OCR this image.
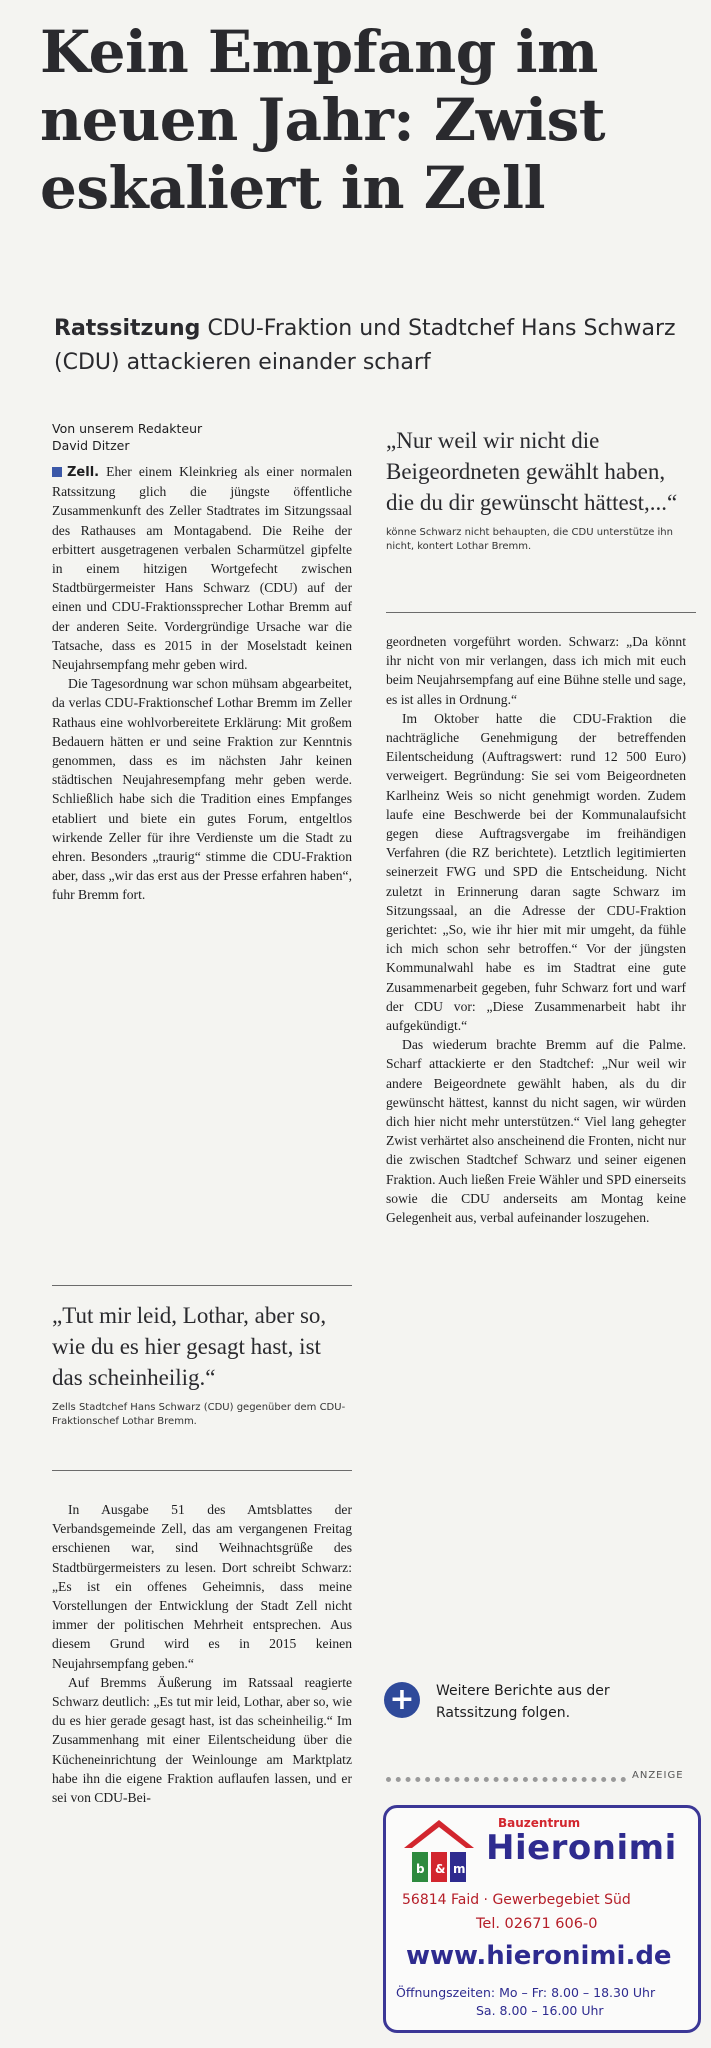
Kein Empfang im neuen Jahr: Zwist eskaliert in Zell
Ratssitzung CDU-Fraktion und Stadtchef Hans Schwarz (CDU) attackieren einander scharf
Von unserem Redakteur
David Ditzer

Zell. Eher einem Kleinkrieg als einer normalen Ratssitzung glich die jüngste öffentliche Zusammenkunft des Zeller Stadtrates im Sitzungssaal des Rathauses am Montagabend. Die Reihe der erbittert ausgetragenen verbalen Scharmützel gipfelte in einem hitzigen Wortgefecht zwischen Stadtbürgermeister Hans Schwarz (CDU) auf der einen und CDU-Fraktionssprecher Lothar Bremm auf der anderen Seite. Vordergründige Ursache war die Tatsache, dass es 2015 in der Moselstadt keinen Neujahrsempfang mehr geben wird.

Die Tagesordnung war schon mühsam abgearbeitet, da verlas CDU-Fraktionschef Lothar Bremm im Zeller Rathaus eine wohlvorbereitete Erklärung: Mit großem Bedauern hätten er und seine Fraktion zur Kenntnis genommen, dass es im nächsten Jahr keinen städtischen Neujahresempfang mehr geben werde. Schließlich habe sich die Tradition eines Empfanges etabliert und biete ein gutes Forum, entgeltlos wirkende Zeller für ihre Verdienste um die Stadt zu ehren. Besonders „traurig“ stimme die CDU-Fraktion aber, dass „wir das erst aus der Presse erfahren haben“, fuhr Bremm fort.

„Nur weil wir nicht die Beigeordneten gewählt haben, die du dir gewünscht hättest,...“
könne Schwarz nicht behaupten, die CDU unterstütze ihn nicht, kontert Lothar Bremm.

geordneten vorgeführt worden. Schwarz: „Da könnt ihr nicht von mir verlangen, dass ich mich mit euch beim Neujahrsempfang auf eine Bühne stelle und sage, es ist alles in Ordnung.“

Im Oktober hatte die CDU-Fraktion die nachträgliche Genehmigung der betreffenden Eilentscheidung (Auftragswert: rund 12 500 Euro) verweigert. Begründung: Sie sei vom Beigeordneten Karlheinz Weis so nicht genehmigt worden. Zudem laufe eine Beschwerde bei der Kommunalaufsicht gegen diese Auftragsvergabe im freihändigen Verfahren (die RZ berichtete). Letztlich legitimierten seinerzeit FWG und SPD die Entscheidung. Nicht zuletzt in Erinnerung daran sagte Schwarz im Sitzungssaal, an die Adresse der CDU-Fraktion gerichtet: „So, wie ihr hier mit mir umgeht, da fühle ich mich schon sehr betroffen.“ Vor der jüngsten Kommunalwahl habe es im Stadtrat eine gute Zusammenarbeit gegeben, fuhr Schwarz fort und warf der CDU vor: „Diese Zusammenarbeit habt ihr aufgekündigt.“

Das wiederum brachte Bremm auf die Palme. Scharf attackierte er den Stadtchef: „Nur weil wir andere Beigeordnete gewählt haben, als du dir gewünscht hättest, kannst du nicht sagen, wir würden dich hier nicht mehr unterstützen.“ Viel lang gehegter Zwist verhärtet also anscheinend die Fronten, nicht nur die zwischen Stadtchef Schwarz und seiner eigenen Fraktion. Auch ließen Freie Wähler und SPD einerseits sowie die CDU anderseits am Montag keine Gelegenheit aus, verbal aufeinander loszugehen.

„Tut mir leid, Lothar, aber so, wie du es hier gesagt hast, ist das scheinheilig.“
Zells Stadtchef Hans Schwarz (CDU) gegenüber dem CDU-Fraktionschef Lothar Bremm.

In Ausgabe 51 des Amtsblattes der Verbandsgemeinde Zell, das am vergangenen Freitag erschienen war, sind Weihnachtsgrüße des Stadtbürgermeisters zu lesen. Dort schreibt Schwarz: „Es ist ein offenes Geheimnis, dass meine Vorstellungen der Entwicklung der Stadt Zell nicht immer der politischen Mehrheit entsprechen. Aus diesem Grund wird es in 2015 keinen Neujahrsempfang geben.“

Auf Bremms Äußerung im Ratssaal reagierte Schwarz deutlich: „Es tut mir leid, Lothar, aber so, wie du es hier gerade gesagt hast, ist das scheinheilig.“ Im Zusammenhang mit einer Eilentscheidung über die Kücheneinrichtung der Weinlounge am Marktplatz habe ihn die eigene Fraktion auflaufen lassen, und er sei von CDU-Bei-

+	Weitere Berichte aus der Ratssitzung folgen.
ANZEIGE
b & m
Bauzentrum
Hieronimi
56814 Faid · Gewerbegebiet Süd
Tel. 02671 606-0
www.hieronimi.de
Öffnungszeiten: Mo – Fr: 8.00 – 18.30 Uhr
Sa. 8.00 – 16.00 Uhr
